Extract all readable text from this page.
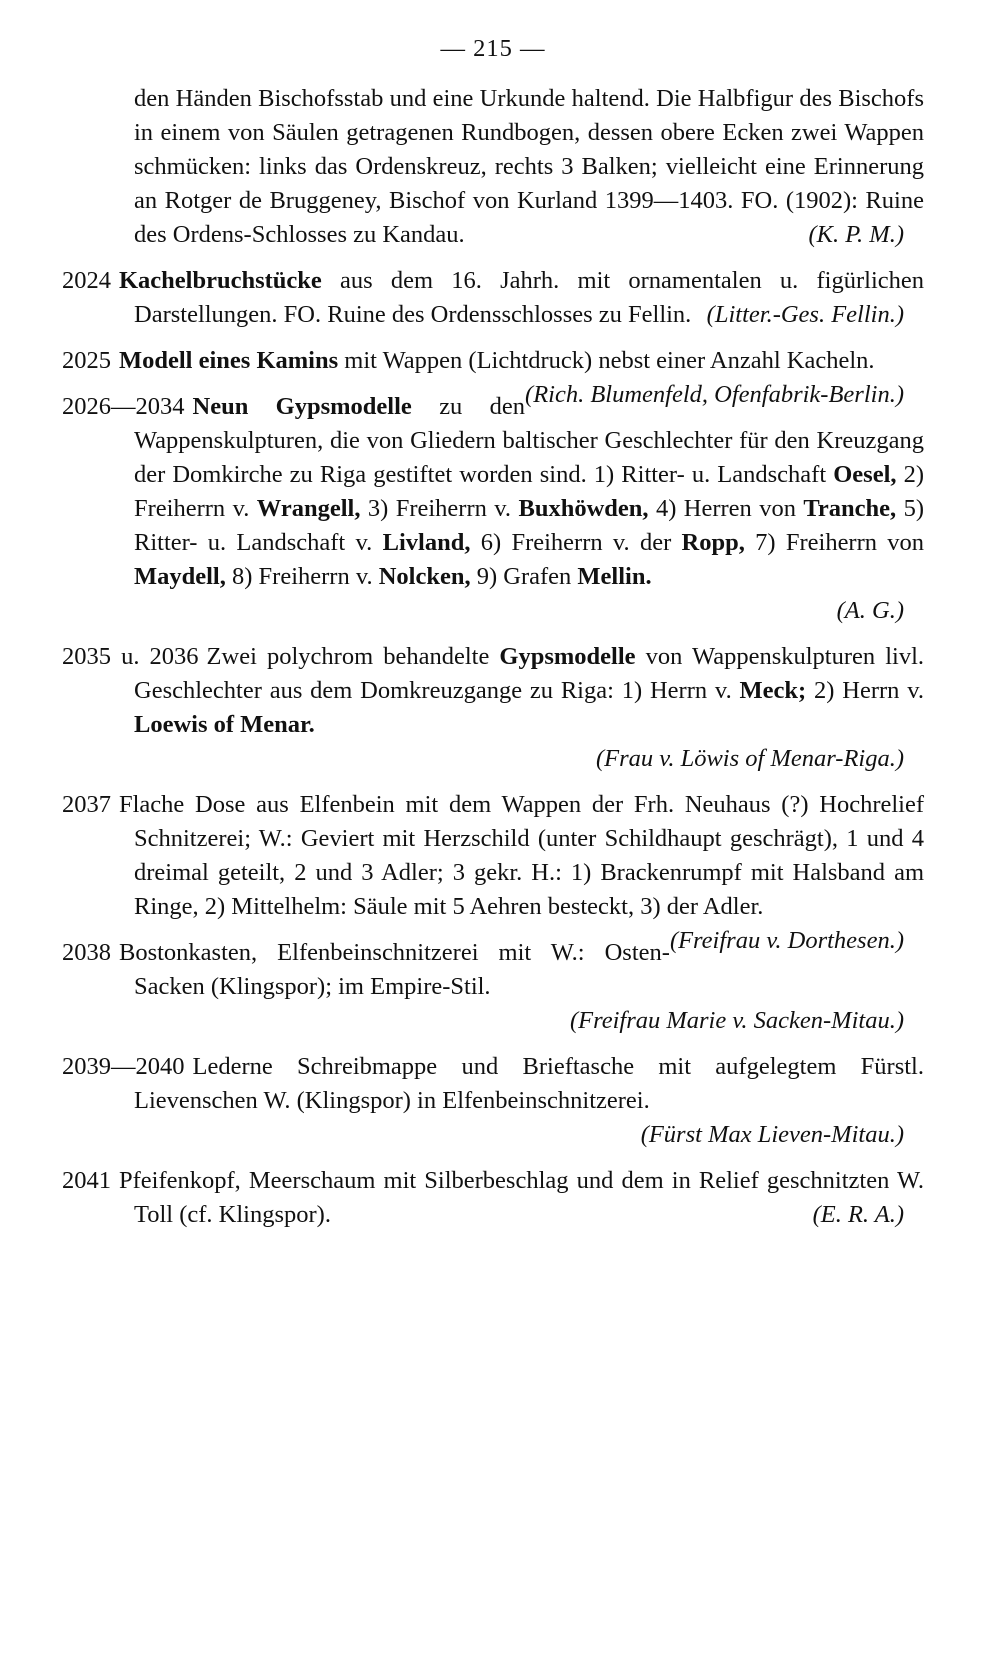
— 215 —

den Händen Bischofsstab und eine Urkunde haltend. Die Halbfigur des Bischofs in einem von Säulen getragenen Rundbogen, dessen obere Ecken zwei Wappen schmücken: links das Ordenskreuz, rechts 3 Balken; vielleicht eine Erinnerung an Rotger de Bruggeney, Bischof von Kurland 1399—1403. FO. (1902): Ruine des Ordens-Schlosses zu Kandau.	(K. P. M.)

2024 Kachelbruchstücke aus dem 16. Jahrh. mit ornamentalen u. figürlichen Darstellungen. FO. Ruine des Ordensschlosses zu Fellin. (Litter.-Ges. Fellin.)

2025 Modell eines Kamins mit Wappen (Lichtdruck) nebst einer Anzahl Kacheln.
(Rich. Blumenfeld, Ofenfabrik-Berlin.)

2026—2034 Neun Gypsmodelle zu den Wappenskulpturen, die von Gliedern baltischer Geschlechter für den Kreuzgang der Domkirche zu Riga gestiftet worden sind. 1) Ritter- u. Landschaft Oesel, 2) Freiherrn v. Wrangell, 3) Freiherrn v. Buxhöwden, 4) Herren von Tranche, 5) Ritter- u. Landschaft v. Livland, 6) Freiherrn v. der Ropp, 7) Freiherrn von Maydell, 8) Freiherrn v. Nolcken, 9) Grafen Mellin.
(A. G.)

2035 u. 2036 Zwei polychrom behandelte Gypsmodelle von Wappenskulpturen livl. Geschlechter aus dem Domkreuzgange zu Riga: 1) Herrn v. Meck; 2) Herrn v. Loewis of Menar.
(Frau v. Löwis of Menar-Riga.)

2037 Flache Dose aus Elfenbein mit dem Wappen der Frh. Neuhaus (?) Hochrelief Schnitzerei; W.: Geviert mit Herzschild (unter Schildhaupt geschrägt), 1 und 4 dreimal geteilt, 2 und 3 Adler; 3 gekr. H.: 1) Brackenrumpf mit Halsband am Ringe, 2) Mittelhelm: Säule mit 5 Aehren besteckt, 3) der Adler.
(Freifrau v. Dorthesen.)

2038 Bostonkasten, Elfenbeinschnitzerei mit W.: Osten-Sacken (Klingspor); im Empire-Stil.
(Freifrau Marie v. Sacken-Mitau.)

2039—2040 Lederne Schreibmappe und Brieftasche mit aufgelegtem Fürstl. Lievenschen W. (Klingspor) in Elfenbeinschnitzerei.
(Fürst Max Lieven-Mitau.)

2041 Pfeifenkopf, Meerschaum mit Silberbeschlag und dem in Relief geschnitzten W. Toll (cf. Klingspor).	(E. R. A.)
